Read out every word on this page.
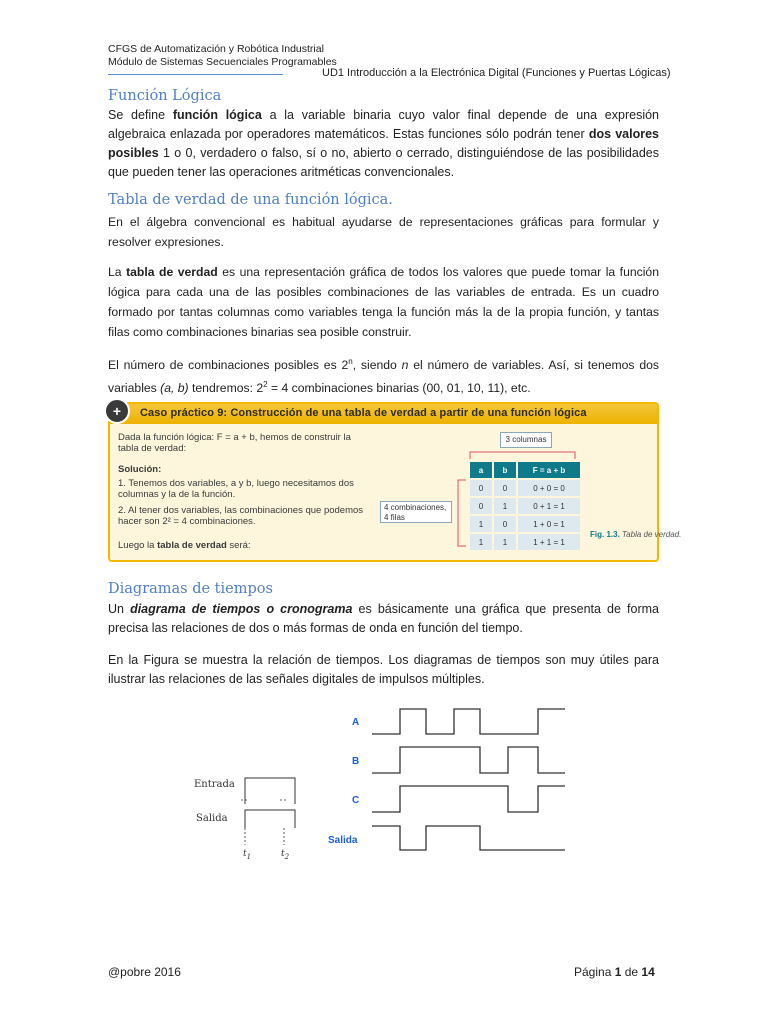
CFGS de Automatización y Robótica Industrial
Módulo de Sistemas Secuenciales Programables
UD1 Introducción a la Electrónica Digital (Funciones y Puertas Lógicas)
Función Lógica

Se define función lógica a la variable binaria cuyo valor final depende de una expresión algebraica enlazada por operadores matemáticos. Estas funciones sólo podrán tener dos valores posibles 1 o 0, verdadero o falso, sí o no, abierto o cerrado, distinguiéndose de las posibilidades que pueden tener las operaciones aritméticas convencionales.

Tabla de verdad de una función lógica.

En el álgebra convencional es habitual ayudarse de representaciones gráficas para formular y resolver expresiones.

La tabla de verdad es una representación gráfica de todos los valores que puede tomar la función lógica para cada una de las posibles combinaciones de las variables de entrada. Es un cuadro formado por tantas columnas como variables tenga la función más la de la propia función, y tantas filas como combinaciones binarias sea posible construir.

El número de combinaciones posibles es 2$^n$, siendo n el número de variables. Así, si tenemos dos variables (a, b) tendremos: $2^2 = 4$ combinaciones binarias (00, 01, 10, 11), etc.

Caso práctico 9: Construcción de una tabla de verdad a partir de una función lógica
+
Dada la función lógica: F = a + b, hemos de construir la tabla de verdad:
Solución:
1. Tenemos dos variables, a y b, luego necesitamos dos columnas y la de la función.
2. Al tener dos variables, las combinaciones que podemos hacer son 2² = 4 combinaciones.
Luego la tabla de verdad será:
3 columnas
4 combinaciones, 4 filas
a	b	F = a + b
0	0	0 + 0 = 0
0	1	0 + 1 = 1
1	0	1 + 0 = 1
1	1	1 + 1 = 1
Fig. 1.3. Tabla de verdad.
Diagramas de tiempos

Un diagrama de tiempos o cronograma es básicamente una gráfica que presenta de forma precisa las relaciones de dos o más formas de onda en función del tiempo.

En la Figura se muestra la relación de tiempos. Los diagramas de tiempos son muy útiles para ilustrar las relaciones de las señales digitales de impulsos múltiples.

Entrada
Salida
$t_1$	$t_2$
A
B
C
Salida
@pobre 2016	Página 1 de 14
